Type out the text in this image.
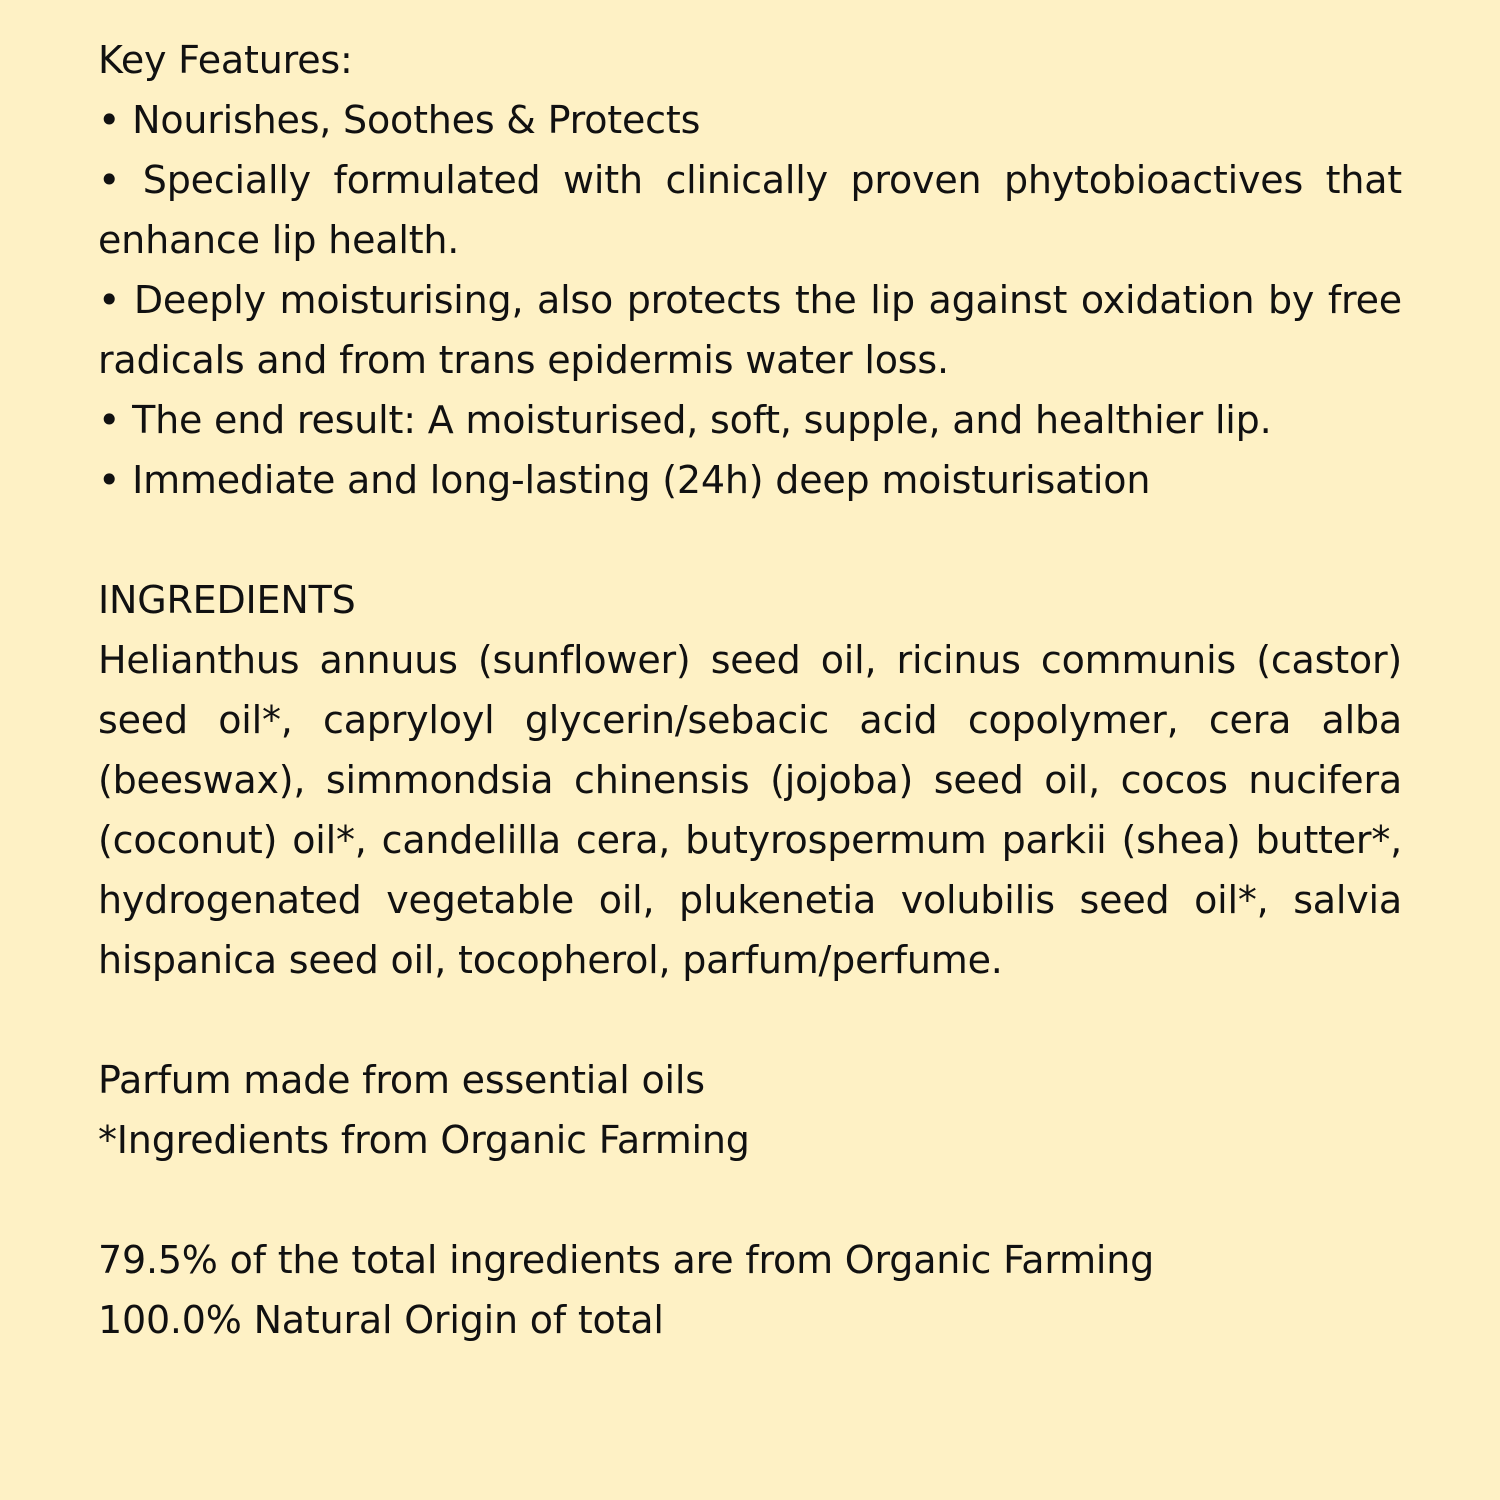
Key Features:
• Nourishes, Soothes & Protects
• Specially formulated with clinically proven phytobioactives that enhance lip health.
• Deeply moisturising, also protects the lip against oxidation by free radicals and from trans epidermis water loss.
• The end result: A moisturised, soft, supple, and healthier lip.
• Immediate and long-lasting (24h) deep moisturisation
INGREDIENTS
Helianthus annuus (sunflower) seed oil, ricinus communis (castor) seed oil*, capryloyl glycerin/sebacic acid copolymer, cera alba (beeswax), simmondsia chinensis (jojoba) seed oil, cocos nucifera (coconut) oil*, candelilla cera, butyrospermum parkii (shea) butter*, hydrogenated vegetable oil, plukenetia volubilis seed oil*, salvia hispanica seed oil, tocopherol, parfum/perfume.
Parfum made from essential oils
*Ingredients from Organic Farming
79.5% of the total ingredients are from Organic Farming
100.0% Natural Origin of total
